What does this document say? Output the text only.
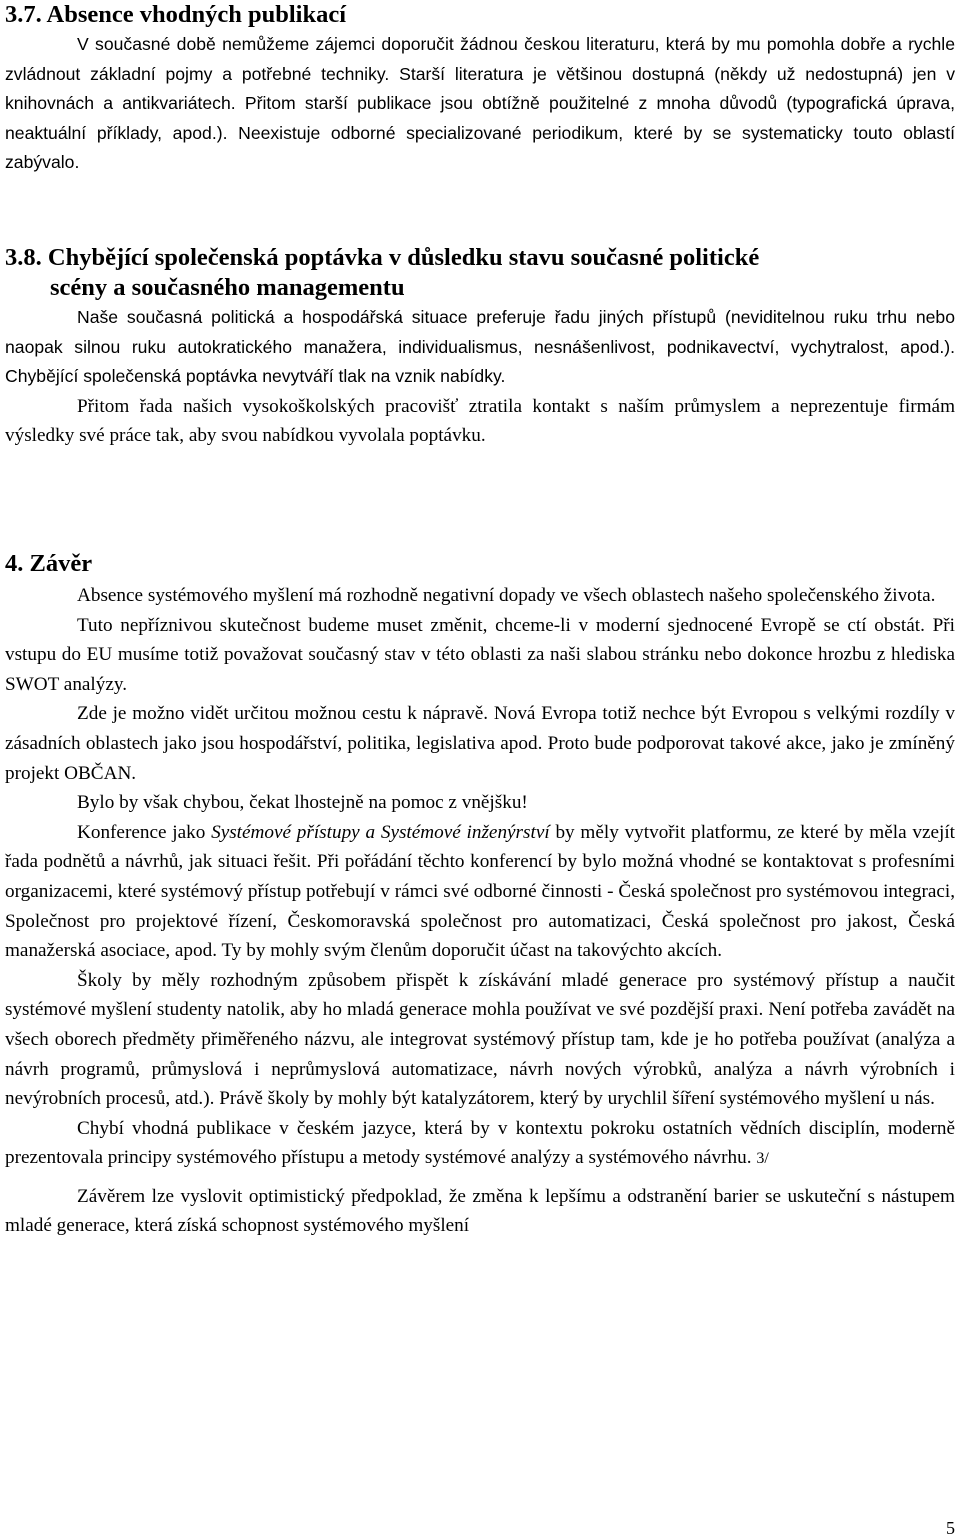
3.7. Absence vhodných publikací

V současné době nemůžeme zájemci doporučit žádnou českou literaturu, která by mu pomohla dobře a rychle zvládnout základní pojmy a potřebné techniky. Starší literatura je většinou dostupná (někdy už nedostupná) jen v knihovnách a antikvariátech. Přitom starší publikace jsou obtížně použitelné z mnoha důvodů (typografická úprava, neaktuální příklady, apod.). Neexistuje odborné specializované periodikum, které by se systematicky touto oblastí zabývalo.

3.8. Chybějící společenská poptávka v důsledku stavu současné politické
scény a současného managementu

Naše současná politická a hospodářská situace preferuje řadu jiných přístupů (neviditelnou ruku trhu nebo naopak silnou ruku autokratického manažera, individualismus, nesnášenlivost, podnikavectví, vychytralost, apod.). Chybějící společenská poptávka nevytváří tlak na vznik nabídky.

Přitom řada našich vysokoškolských pracovišť ztratila kontakt s naším průmyslem a neprezentuje firmám výsledky své práce tak, aby svou nabídkou vyvolala poptávku.

4. Závěr

Absence systémového myšlení má rozhodně negativní dopady ve všech oblastech našeho společenského života.

Tuto nepříznivou skutečnost budeme muset změnit, chceme-li v moderní sjednocené Evropě se ctí obstát. Při vstupu do EU musíme totiž považovat současný stav v této oblasti za naši slabou stránku nebo dokonce hrozbu z hlediska SWOT analýzy.

Zde je možno vidět určitou možnou cestu k nápravě. Nová Evropa totiž nechce být Evropou s velkými rozdíly v zásadních oblastech jako jsou hospodářství, politika, legislativa apod. Proto bude podporovat takové akce, jako je zmíněný projekt OBČAN.

Bylo by však chybou, čekat lhostejně na pomoc z vnějšku!

Konference jako Systémové přístupy a Systémové inženýrství by měly vytvořit platformu, ze které by měla vzejít řada podnětů a návrhů, jak situaci řešit. Při pořádání těchto konferencí by bylo možná vhodné se kontaktovat s profesními organizacemi, které systémový přístup potřebují v rámci své odborné činnosti - Česká společnost pro systémovou integraci, Společnost pro projektové řízení, Českomoravská společnost pro automatizaci, Česká společnost pro jakost, Česká manažerská asociace, apod. Ty by mohly svým členům doporučit účast na takovýchto akcích.

Školy by měly rozhodným způsobem přispět k získávání mladé generace pro systémový přístup a naučit systémové myšlení studenty natolik, aby ho mladá generace mohla používat ve své pozdější praxi. Není potřeba zavádět na všech oborech předměty přiměřeného názvu, ale integrovat systémový přístup tam, kde je ho potřeba používat (analýza a návrh programů, průmyslová i neprůmyslová automatizace, návrh nových výrobků, analýza a návrh výrobních i nevýrobních procesů, atd.). Právě školy by mohly být katalyzátorem, který by urychlil šíření systémového myšlení u nás.

Chybí vhodná publikace v českém jazyce, která by v kontextu pokroku ostatních vědních disciplín, moderně prezentovala principy systémového přístupu a metody systémové analýzy a systémového návrhu. 3/

Závěrem lze vyslovit optimistický předpoklad, že změna k lepšímu a odstranění barier se uskuteční s nástupem mladé generace, která získá schopnost systémového myšlení

5
